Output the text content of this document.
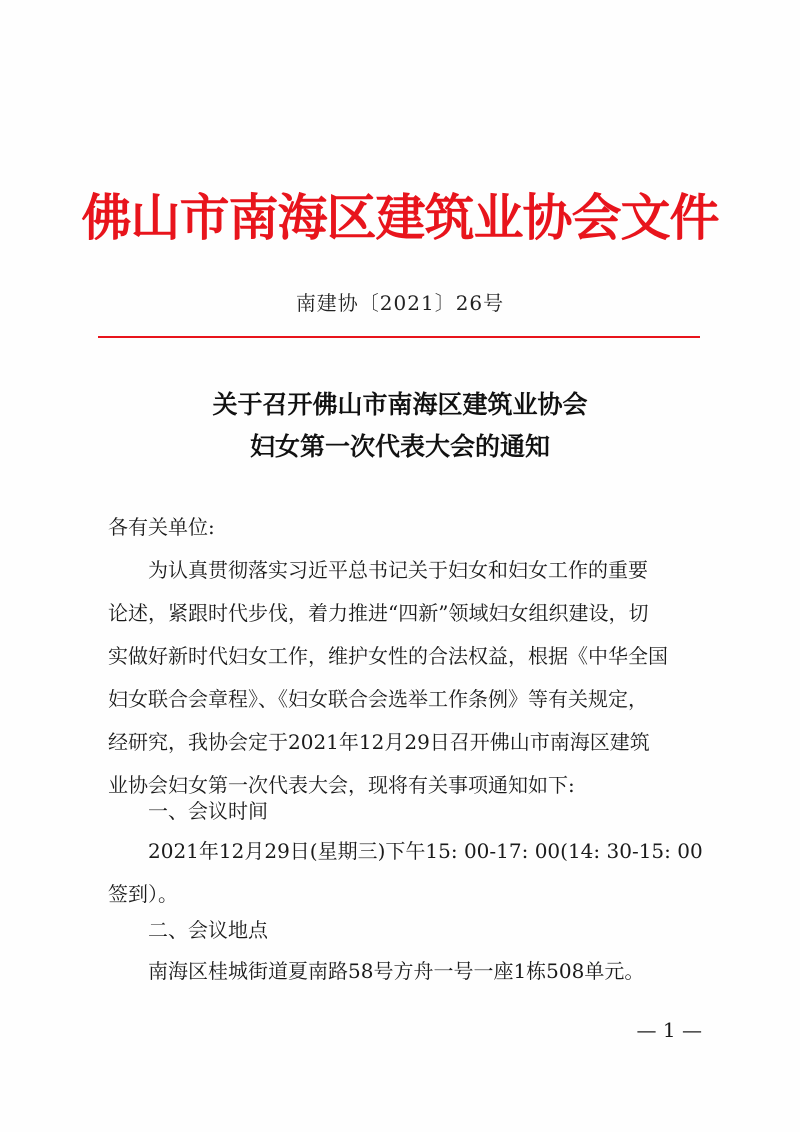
佛山市南海区建筑业协会文件
南建协〔2021〕26号
关于召开佛山市南海区建筑业协会
妇女第一次代表大会的通知
各有关单位:
为认真贯彻落实习近平总书记关于妇女和妇女工作的重要
论述，紧跟时代步伐，着力推进“四新”领域妇女组织建设，切
实做好新时代妇女工作，维护女性的合法权益，根据《中华全国
妇女联合会章程》、《妇女联合会选举工作条例》等有关规定，
经研究，我协会定于2021年12月29日召开佛山市南海区建筑
业协会妇女第一次代表大会，现将有关事项通知如下:
一、会议时间
2021年12月29日(星期三)下午15: 00-17: 00(14: 30-15: 00
签到）。
二、会议地点
南海区桂城街道夏南路58号方舟一号一座1栋508单元。
— 1 —
